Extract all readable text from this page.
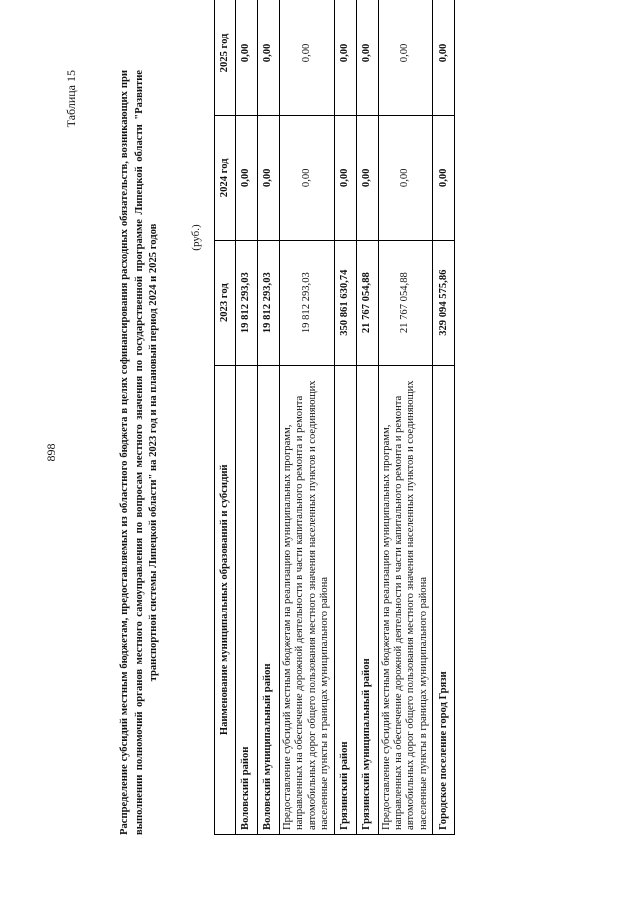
898
Таблица 15	Распределение субсидий местным бюджетам, предоставляемых из областного бюджета в целях софинансирования расходных обязательств, возникающих при выполнении полномочий органов местного самоуправления по вопросам местного значения по государственной программе Липецкой области "Развитие транспортной системы Липецкой области" на 2023 год и на плановый период 2024 и 2025 годов	(руб.)
Наименование муниципальных образований и субсидий	2023 год	2024 год	2025 год
Воловский район	19 812 293,03	0,00	0,00
Воловский муниципальный район	19 812 293,03	0,00	0,00
Предоставление субсидий местным бюджетам на реализацию муниципальных программ, направленных на обеспечение дорожной деятельности в части капитального ремонта и ремонта автомобильных дорог общего пользования местного значения населенных пунктов и соединяющих населенные пункты в границах муниципального района	19 812 293,03	0,00	0,00
Грязинский район	350 861 630,74	0,00	0,00
Грязинский муниципальный район	21 767 054,88	0,00	0,00
Предоставление субсидий местным бюджетам на реализацию муниципальных программ, направленных на обеспечение дорожной деятельности в части капитального ремонта и ремонта автомобильных дорог общего пользования местного значения населенных пунктов и соединяющих населенные пункты в границах муниципального района	21 767 054,88	0,00	0,00
Городское поселение город Грязи	329 094 575,86	0,00	0,00
